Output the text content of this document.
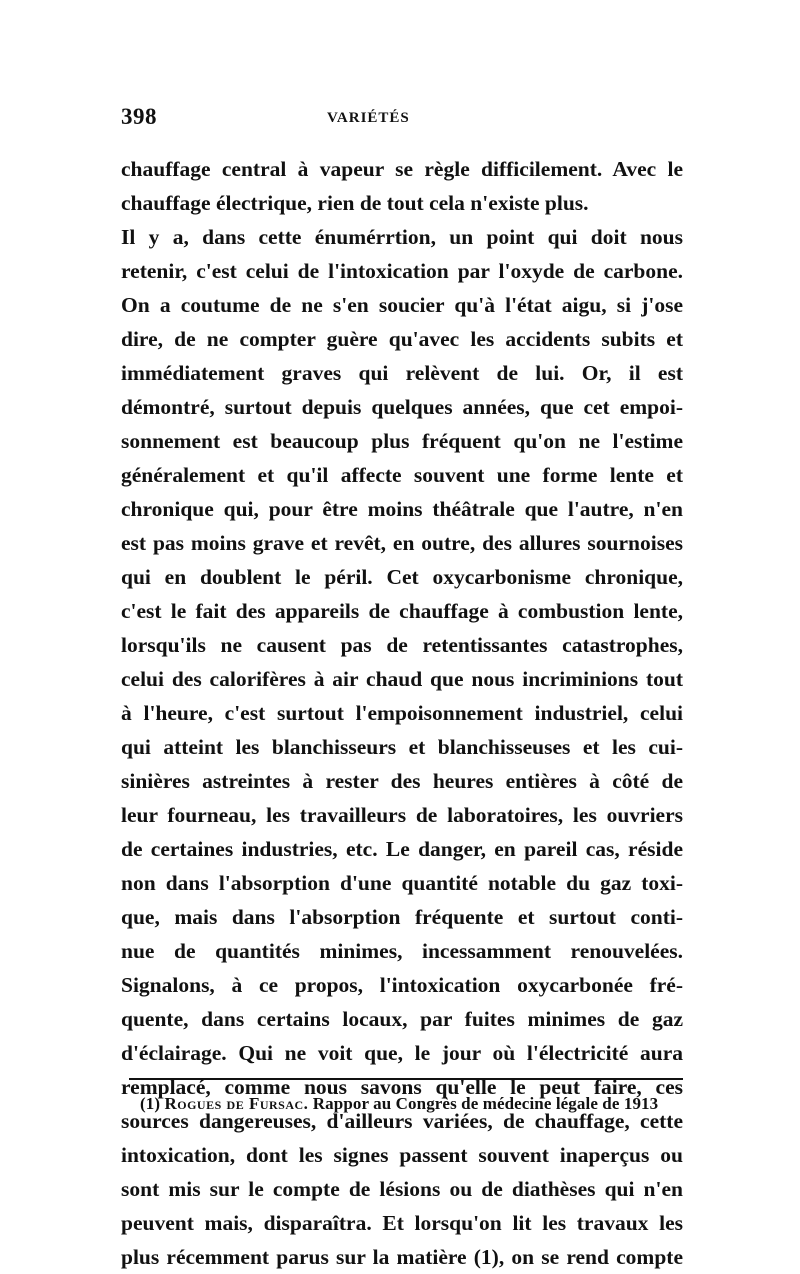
398	VARIÉTÉS
chauffage central à vapeur se règle difficilement. Avec le
chauffage électrique, rien de tout cela n'existe plus.
Il y a, dans cette énumérrtion, un point qui doit nous
retenir, c'est celui de l'intoxication par l'oxyde de carbone.
On a coutume de ne s'en soucier qu'à l'état aigu, si j'ose
dire, de ne compter guère qu'avec les accidents subits et
immédiatement graves qui relèvent de lui. Or, il est
démontré, surtout depuis quelques années, que cet empoi-
sonnement est beaucoup plus fréquent qu'on ne l'estime
généralement et qu'il affecte souvent une forme lente et
chronique qui, pour être moins théâtrale que l'autre, n'en
est pas moins grave et revêt, en outre, des allures sournoises
qui en doublent le péril. Cet oxycarbonisme chronique,
c'est le fait des appareils de chauffage à combustion lente,
lorsqu'ils ne causent pas de retentissantes catastrophes,
celui des calorifères à air chaud que nous incriminions tout
à l'heure, c'est surtout l'empoisonnement industriel, celui
qui atteint les blanchisseurs et blanchisseuses et les cui-
sinières astreintes à rester des heures entières à côté de
leur fourneau, les travailleurs de laboratoires, les ouvriers
de certaines industries, etc. Le danger, en pareil cas, réside
non dans l'absorption d'une quantité notable du gaz toxi-
que, mais dans l'absorption fréquente et surtout conti-
nue de quantités minimes, incessamment renouvelées.
Signalons, à ce propos, l'intoxication oxycarbonée fré-
quente, dans certains locaux, par fuites minimes de gaz
d'éclairage. Qui ne voit que, le jour où l'électricité aura
remplacé, comme nous savons qu'elle le peut faire, ces
sources dangereuses, d'ailleurs variées, de chauffage, cette
intoxication, dont les signes passent souvent inaperçus ou
sont mis sur le compte de lésions ou de diathèses qui n'en
peuvent mais, disparaîtra. Et lorsqu'on lit les travaux les
plus récemment parus sur la matière (1), on se rend compte
(1) Rogues de Fursac. Rappor au Congrès de médecine légale de 1913
